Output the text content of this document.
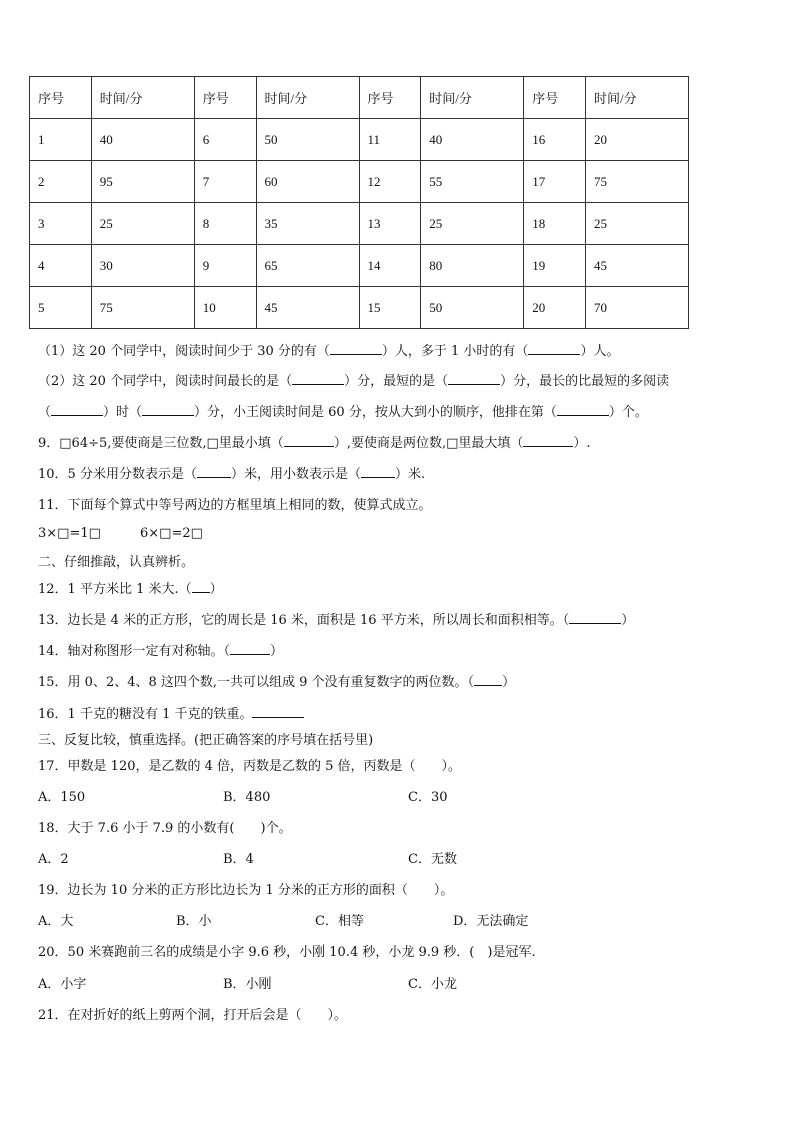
序号	时间/分	序号	时间/分	序号	时间/分	序号	时间/分
1	40	6	50	11	40	16	20
2	95	7	60	12	55	17	75
3	25	8	35	13	25	18	25
4	30	9	65	14	80	19	45
5	75	10	45	15	50	20	70
（1）这 20 个同学中，阅读时间少于 30 分的有（	）人，多于 1 小时的有（	）人。
（2）这 20 个同学中，阅读时间最长的是（	）分，最短的是（	）分，最长的比最短的多阅读
（	）时（	）分，小王阅读时间是 60 分，按从大到小的顺序，他排在第（	）个。
9．□64÷5,要使商是三位数,□里最小填（	）,要使商是两位数,□里最大填（	）.
10．5 分米用分数表示是（	）米，用小数表示是（	）米.
11．下面每个算式中等号两边的方框里填上相同的数，使算式成立。
3×□=1□	6×□=2□
二、仔细推敲，认真辨析。
12．1 平方米比 1 米大.（ ）
13．边长是 4 米的正方形，它的周长是 16 米，面积是 16 平方米，所以周长和面积相等。（	）
14．轴对称图形一定有对称轴。（	）
15．用 0、2、4、8 这四个数,一共可以组成 9 个没有重复数字的两位数。（ ）
16．1 千克的糖没有 1 千克的铁重。
三、反复比较，慎重选择。(把正确答案的序号填在括号里)
17．甲数是 120，是乙数的 4 倍，丙数是乙数的 5 倍，丙数是（　　）。
A．150	B．480	C．30
18．大于 7.6 小于 7.9 的小数有(　　)个。
A．2	B．4	C．无数
19．边长为 10 分米的正方形比边长为 1 分米的正方形的面积（　　）。
A．大	B．小	C．相等	D．无法确定
20．50 米赛跑前三名的成绩是小字 9.6 秒，小刚 10.4 秒，小龙 9.9 秒．(　)是冠军.
A．小字	B．小刚	C．小龙
21．在对折好的纸上剪两个洞，打开后会是（　　）。
